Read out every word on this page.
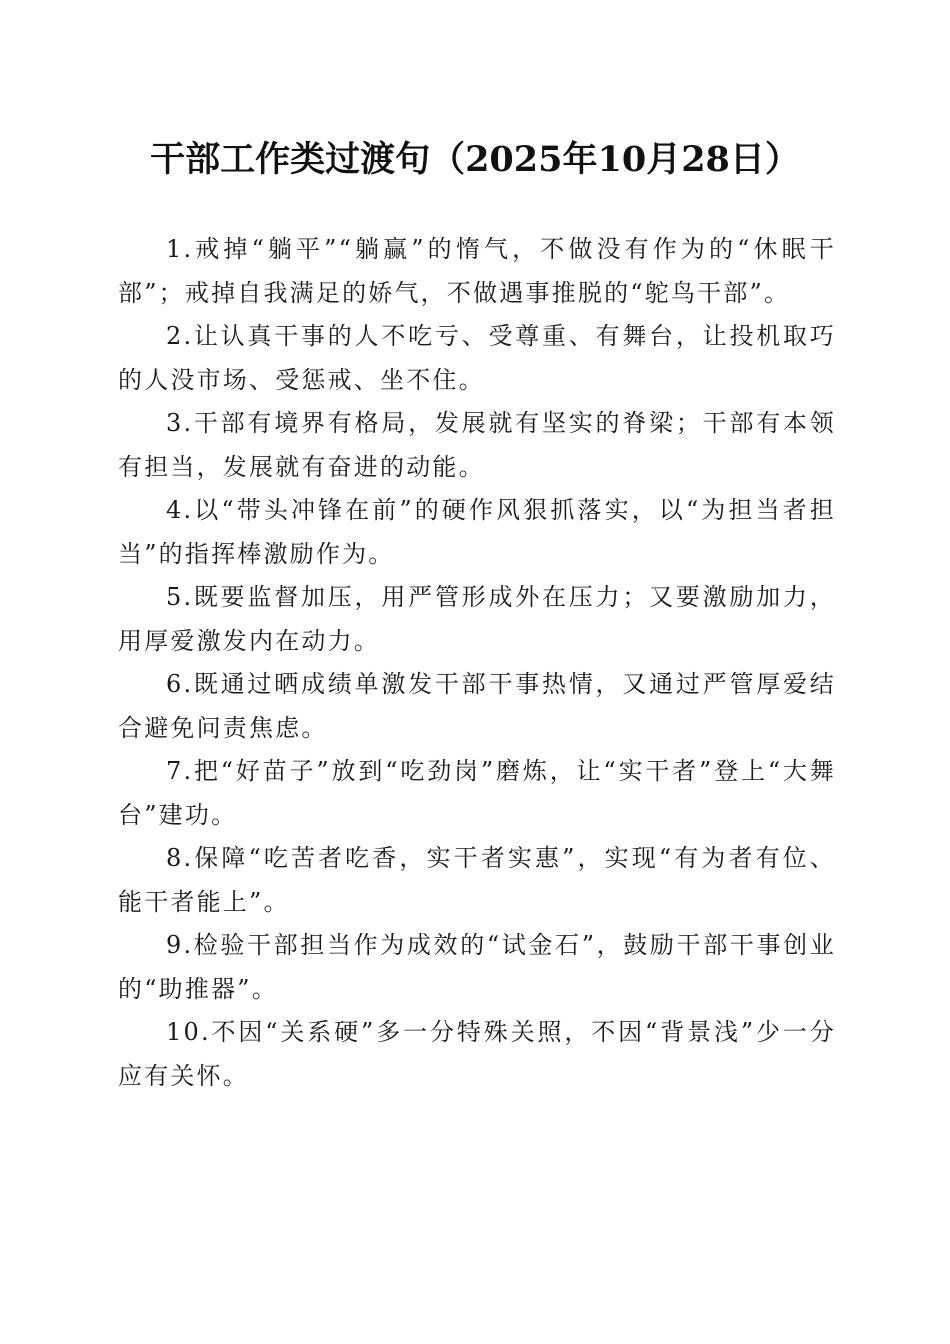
干部工作类过渡句（2025年10月28日）

1.戒掉“躺平”“躺赢”的惰气，不做没有作为的“休眠干部”；戒掉自我满足的娇气，不做遇事推脱的“鸵鸟干部”。

2.让认真干事的人不吃亏、受尊重、有舞台，让投机取巧的人没市场、受惩戒、坐不住。

3.干部有境界有格局，发展就有坚实的脊梁；干部有本领有担当，发展就有奋进的动能。

4.以“带头冲锋在前”的硬作风狠抓落实，以“为担当者担当”的指挥棒激励作为。

5.既要监督加压，用严管形成外在压力；又要激励加力，用厚爱激发内在动力。

6.既通过晒成绩单激发干部干事热情，又通过严管厚爱结合避免问责焦虑。

7.把“好苗子”放到“吃劲岗”磨炼，让“实干者”登上“大舞台”建功。

8.保障“吃苦者吃香，实干者实惠”，实现“有为者有位、能干者能上”。

9.检验干部担当作为成效的“试金石”，鼓励干部干事创业的“助推器”。

10.不因“关系硬”多一分特殊关照，不因“背景浅”少一分应有关怀。
